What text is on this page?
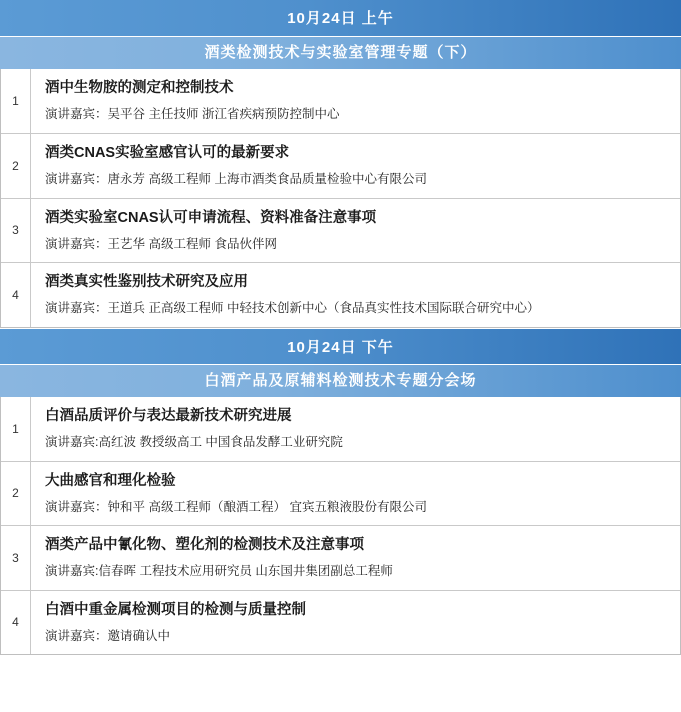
10月24日 上午
酒类检测技术与实验室管理专题（下）
1
酒中生物胺的测定和控制技术
演讲嘉宾：吴平谷 主任技师 浙江省疾病预防控制中心
2
酒类CNAS实验室感官认可的最新要求
演讲嘉宾：唐永芳 高级工程师 上海市酒类食品质量检验中心有限公司
3
酒类实验室CNAS认可申请流程、资料准备注意事项
演讲嘉宾：王艺华 高级工程师 食品伙伴网
4
酒类真实性鉴别技术研究及应用
演讲嘉宾：王道兵 正高级工程师 中轻技术创新中心（食品真实性技术国际联合研究中心）
10月24日 下午
白酒产品及原辅料检测技术专题分会场
1
白酒品质评价与表达最新技术研究进展
演讲嘉宾:高红波 教授级高工 中国食品发酵工业研究院
2
大曲感官和理化检验
演讲嘉宾：钟和平 高级工程师（酿酒工程） 宜宾五粮液股份有限公司
3
酒类产品中氰化物、塑化剂的检测技术及注意事项
演讲嘉宾:信春晖 工程技术应用研究员 山东国井集团副总工程师
4
白酒中重金属检测项目的检测与质量控制
演讲嘉宾：邀请确认中
